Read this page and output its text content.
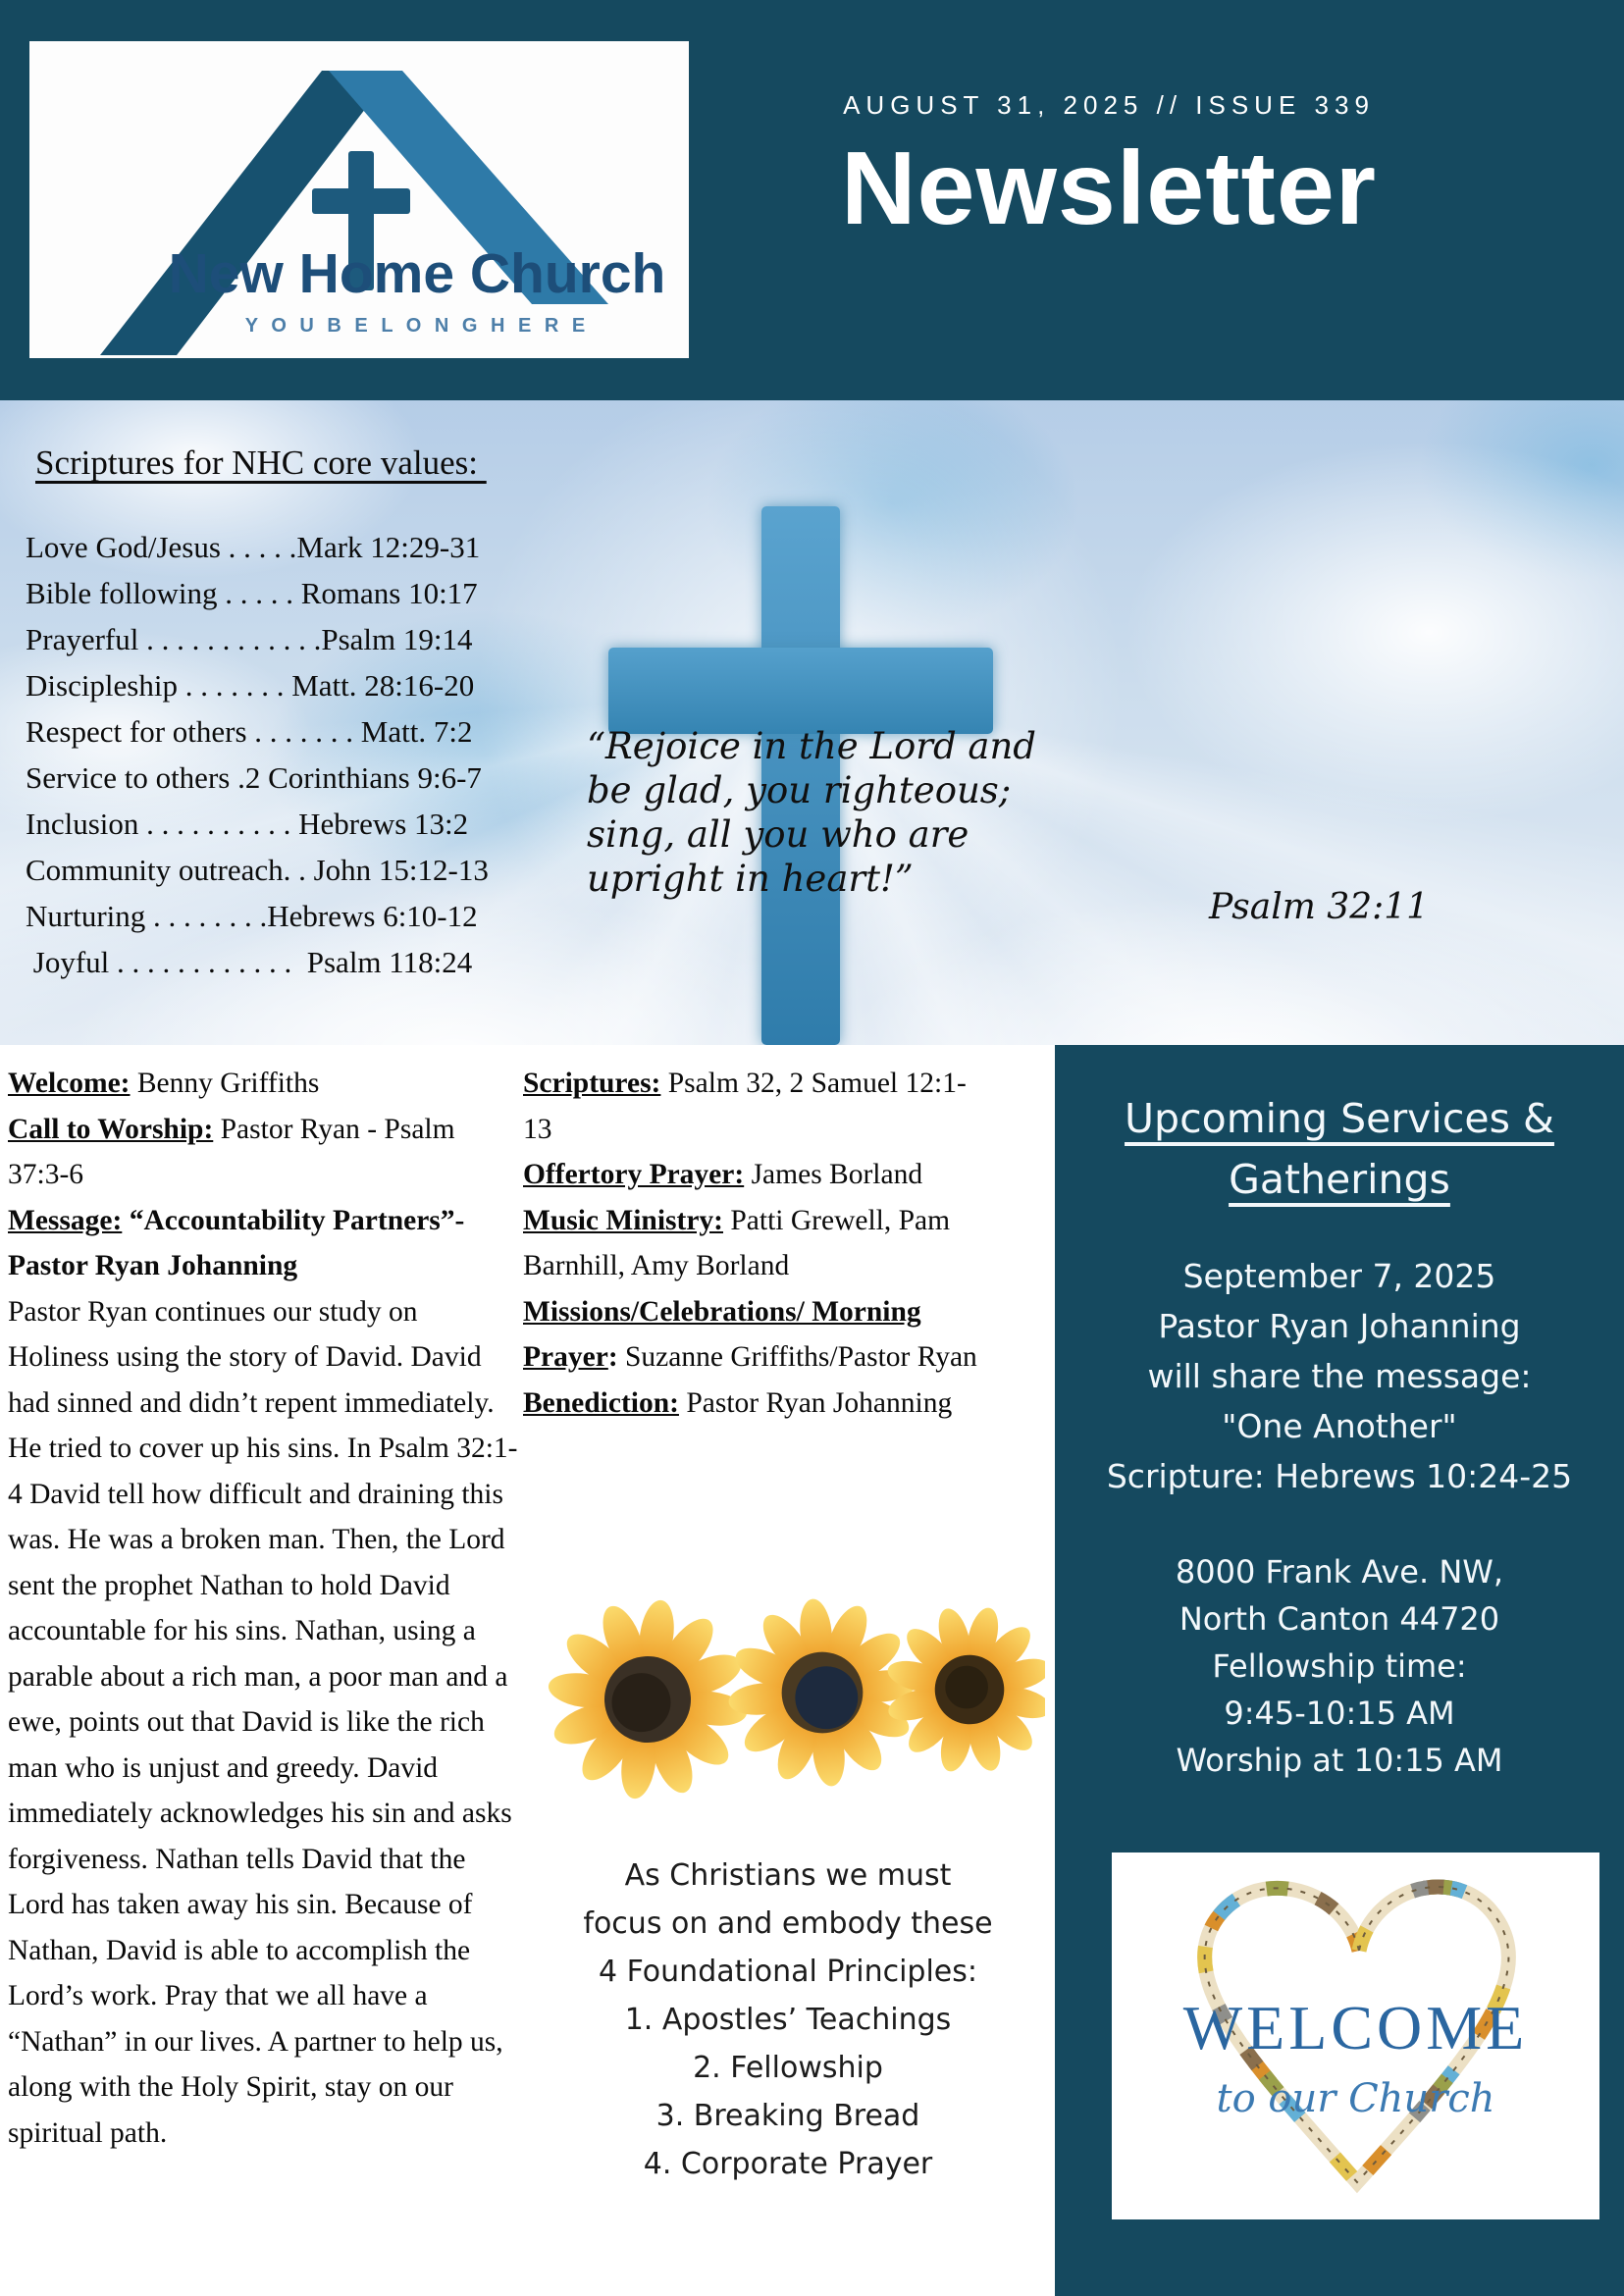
New Home Church
Y O U B E L O N G H E R E
AUGUST 31, 2025 // ISSUE 339
Newsletter
Scriptures for NHC core values:
Love God/Jesus . . . . .Mark 12:29-31
Bible following . . . . . Romans 10:17
Prayerful . . . . . . . . . . . .Psalm 19:14
Discipleship . . . . . . . Matt. 28:16-20
Respect for others . . . . . . . Matt. 7:2
Service to others .2 Corinthians 9:6-7
Inclusion . . . . . . . . . . Hebrews 13:2
Community outreach. . John 15:12-13
Nurturing . . . . . . . .Hebrews 6:10-12
Joyful . . . . . . . . . . . .  Psalm 118:24
“Rejoice in the Lord and be glad, you righteous; sing, all you who are upright in heart!”
Psalm 32:11
Welcome: Benny Griffiths
Call to Worship: Pastor Ryan - Psalm 37:3-6
Message: “Accountability Partners”- Pastor Ryan Johanning
Pastor Ryan continues our study on Holiness using the story of David. David had sinned and didn’t repent immediately. He tried to cover up his sins. In Psalm 32:1-4 David tell how difficult and draining this was. He was a broken man. Then, the Lord sent the prophet Nathan to hold David accountable for his sins. Nathan, using a parable about a rich man, a poor man and a ewe, points out that David is like the rich man who is unjust and greedy. David immediately acknowledges his sin and asks forgiveness. Nathan tells David that the Lord has taken away his sin. Because of Nathan, David is able to accomplish the Lord’s work. Pray that we all have a “Nathan” in our lives. A partner to help us, along with the Holy Spirit, stay on our spiritual path.
Scriptures: Psalm 32, 2 Samuel 12:1-13
Offertory Prayer: James Borland
Music Ministry: Patti Grewell, Pam Barnhill, Amy Borland
Missions/Celebrations/ Morning Prayer: Suzanne Griffiths/Pastor Ryan
Benediction: Pastor Ryan Johanning
As Christians we must
focus on and embody these
4 Foundational Principles:
1. Apostles’ Teachings
2. Fellowship
3. Breaking Bread
4. Corporate Prayer
Upcoming Services & Gatherings
September 7, 2025
Pastor Ryan Johanning
will share the message:
"One Another"
Scripture: Hebrews 10:24-25
8000 Frank Ave. NW,
North Canton 44720
Fellowship time:
9:45-10:15 AM
Worship at 10:15 AM
WELCOME
to our Church
